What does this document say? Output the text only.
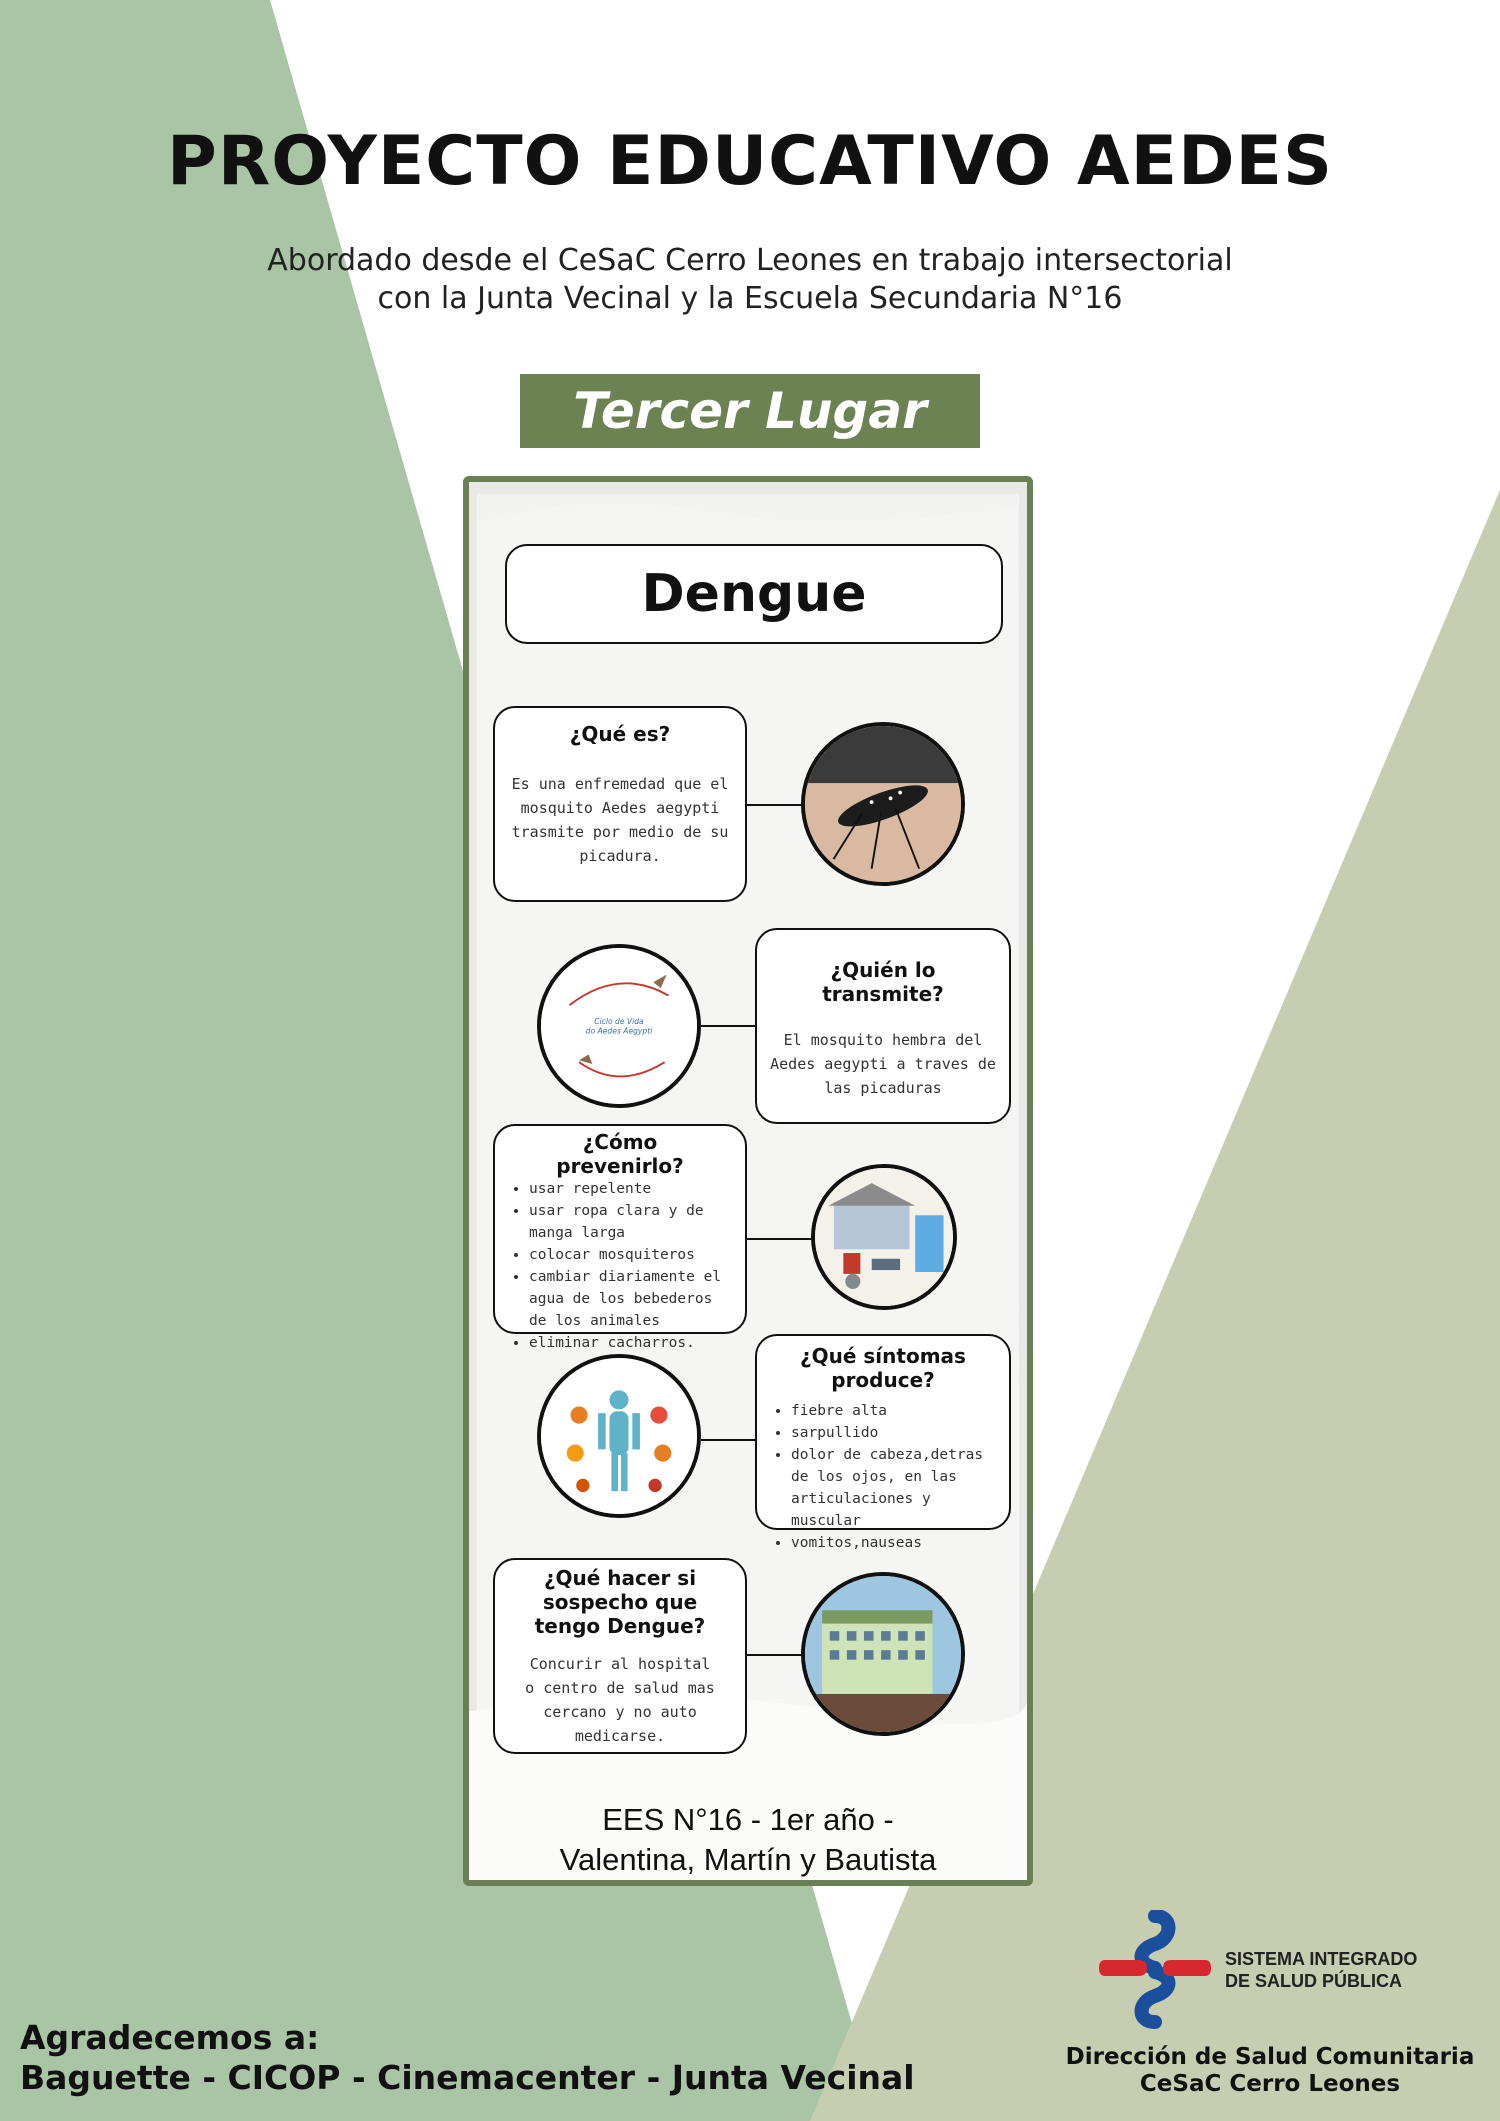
PROYECTO EDUCATIVO AEDES
Abordado desde el CeSaC Cerro Leones en trabajo intersectorial
con la Junta Vecinal y la Escuela Secundaria N°16
Tercer Lugar
Dengue
¿Qué es?

Es una enfremedad que el mosquito Aedes aegypti trasmite por medio de su picadura.

Ciclo de Vida
do Aedes Aegypti
¿Quién lo transmite?

El mosquito hembra del Aedes aegypti a traves de las picaduras

¿Cómo prevenirlo?
• usar repelente
• usar ropa clara y de manga larga
• colocar mosquiteros
• cambiar diariamente el agua de los bebederos de los animales
• eliminar cacharros.
¿Qué síntomas produce?
• fiebre alta
• sarpullido
• dolor de cabeza,detras de los ojos, en las articulaciones y muscular
• vomitos,nauseas
¿Qué hacer si sospecho que tengo Dengue?

Concurir al hospital o centro de salud mas cercano y no auto medicarse.

EES N°16 - 1er año -
Valentina, Martín y Bautista
Agradecemos a:
Baguette - CICOP - Cinemacenter - Junta Vecinal
SISTEMA INTEGRADO
DE SALUD PÚBLICA
Dirección de Salud Comunitaria
CeSaC Cerro Leones
